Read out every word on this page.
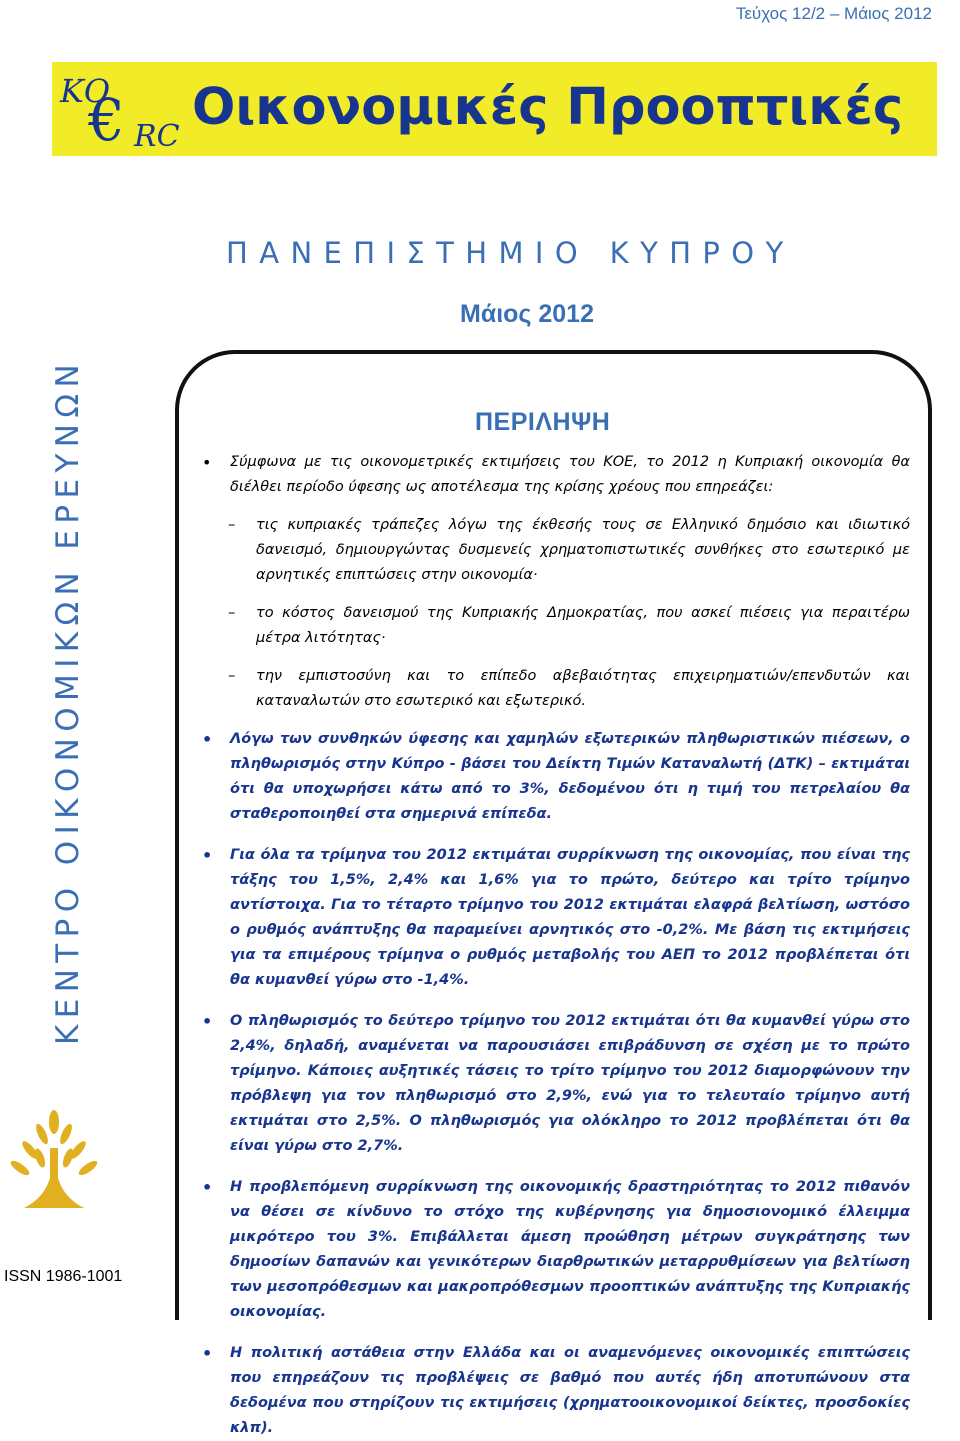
Τεύχος 12/2 – Μάιος 2012
ΚΟ
€ RC Οικονομικές Προοπτικές
ΚΕΝΤΡΟ ΟΙΚΟΝΟΜΙΚΩΝ ΕΡΕΥΝΩΝ
ISSN 1986-1001
ΠΑΝΕΠΙΣΤΗΜΙΟ ΚΥΠΡΟΥ
Μάιος 2012
ΠΕΡΙΛΗΨΗ

• Σύμφωνα με τις οικονομετρικές εκτιμήσεις του ΚΟΕ, το 2012 η Κυπριακή οικονομία θα διέλθει περίοδο ύφεσης ως αποτέλεσμα της κρίσης χρέους που επηρεάζει:

– τις κυπριακές τράπεζες λόγω της έκθεσής τους σε Ελληνικό δημόσιο και ιδιωτικό δανεισμό, δημιουργώντας δυσμενείς χρηματοπιστωτικές συνθήκες στο εσωτερικό με αρνητικές επιπτώσεις στην οικονομία·

– το κόστος δανεισμού της Κυπριακής Δημοκρατίας, που ασκεί πιέσεις για περαιτέρω μέτρα λιτότητας·

– την εμπιστοσύνη και το επίπεδο αβεβαιότητας επιχειρηματιών/επενδυτών και καταναλωτών στο εσωτερικό και εξωτερικό.

• Λόγω των συνθηκών ύφεσης και χαμηλών εξωτερικών πληθωριστικών πιέσεων, ο πληθωρισμός στην Κύπρο - βάσει του Δείκτη Τιμών Καταναλωτή (ΔΤΚ) – εκτιμάται ότι θα υποχωρήσει κάτω από το 3%, δεδομένου ότι η τιμή του πετρελαίου θα σταθεροποιηθεί στα σημερινά επίπεδα.

• Για όλα τα τρίμηνα του 2012 εκτιμάται συρρίκνωση της οικονομίας, που είναι της τάξης του 1,5%, 2,4% και 1,6% για το πρώτο, δεύτερο και τρίτο τρίμηνο αντίστοιχα. Για το τέταρτο τρίμηνο του 2012 εκτιμάται ελαφρά βελτίωση, ωστόσο ο ρυθμός ανάπτυξης θα παραμείνει αρνητικός στο -0,2%. Με βάση τις εκτιμήσεις για τα επιμέρους τρίμηνα ο ρυθμός μεταβολής του ΑΕΠ το 2012 προβλέπεται ότι θα κυμανθεί γύρω στο -1,4%.

• Ο πληθωρισμός το δεύτερο τρίμηνο του 2012 εκτιμάται ότι θα κυμανθεί γύρω στο 2,4%, δηλαδή, αναμένεται να παρουσιάσει επιβράδυνση σε σχέση με το πρώτο τρίμηνο. Κάποιες αυξητικές τάσεις το τρίτο τρίμηνο του 2012 διαμορφώνουν την πρόβλεψη για τον πληθωρισμό στο 2,9%, ενώ για το τελευταίο τρίμηνο αυτή εκτιμάται στο 2,5%. Ο πληθωρισμός για ολόκληρο το 2012 προβλέπεται ότι θα είναι γύρω στο 2,7%.

• Η προβλεπόμενη συρρίκνωση της οικονομικής δραστηριότητας το 2012 πιθανόν να θέσει σε κίνδυνο το στόχο της κυβέρνησης για δημοσιονομικό έλλειμμα μικρότερο του 3%. Επιβάλλεται άμεση προώθηση μέτρων συγκράτησης των δημοσίων δαπανών και γενικότερων διαρθρωτικών μεταρρυθμίσεων για βελτίωση των μεσοπρόθεσμων και μακροπρόθεσμων προοπτικών ανάπτυξης της Κυπριακής οικονομίας.

• Η πολιτική αστάθεια στην Ελλάδα και οι αναμενόμενες οικονομικές επιπτώσεις που επηρεάζουν τις προβλέψεις σε βαθμό που αυτές ήδη αποτυπώνουν στα δεδομένα που στηρίζουν τις εκτιμήσεις (χρηματοοικονομικοί δείκτες, προσδοκίες κλπ).
